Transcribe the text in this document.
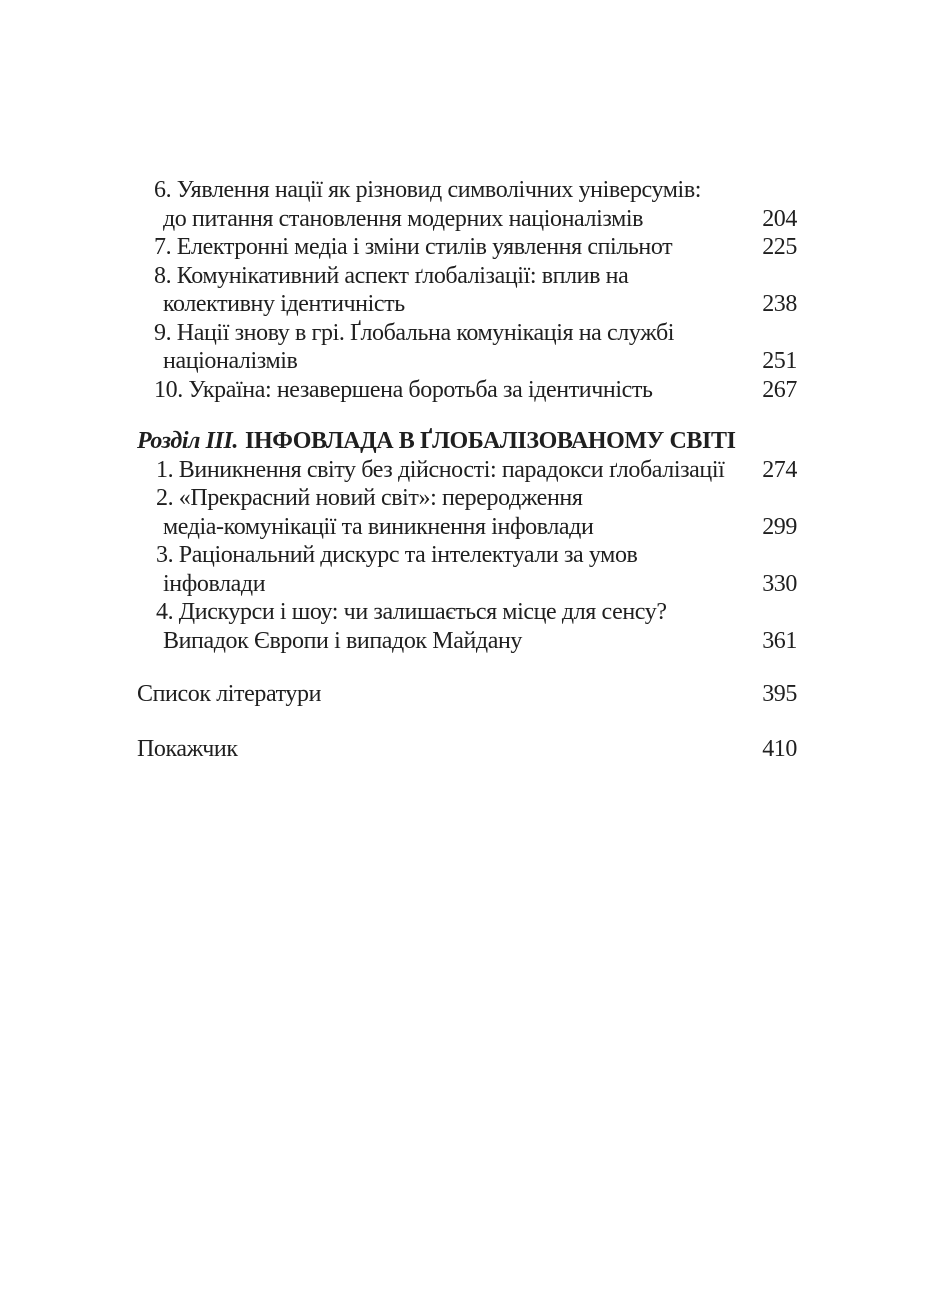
6. Уявлення нації як різновид символічних універсумів:
до питання становлення модерних націоналізмів	204
7. Електронні медіа і зміни стилів уявлення спільнот	225
8. Комунікативний аспект ґлобалізації: вплив на
колективну ідентичність	238
9. Нації знову в грі. Ґлобальна комунікація на службі
націоналізмів	251
10. Україна: незавершена боротьба за ідентичність	267
Розділ III. ІНФОВЛАДА В ҐЛОБАЛІЗОВАНОМУ СВІТІ
1. Виникнення світу без дійсності: парадокси ґлобалізації	274
2. «Прекрасний новий світ»: переродження
медіа-комунікації та виникнення інфовлади	299
3. Раціональний дискурс та інтелектуали за умов
інфовлади	330
4. Дискурси і шоу: чи залишається місце для сенсу?
Випадок Європи і випадок Майдану	361
Список літератури	395
Покажчик	410
